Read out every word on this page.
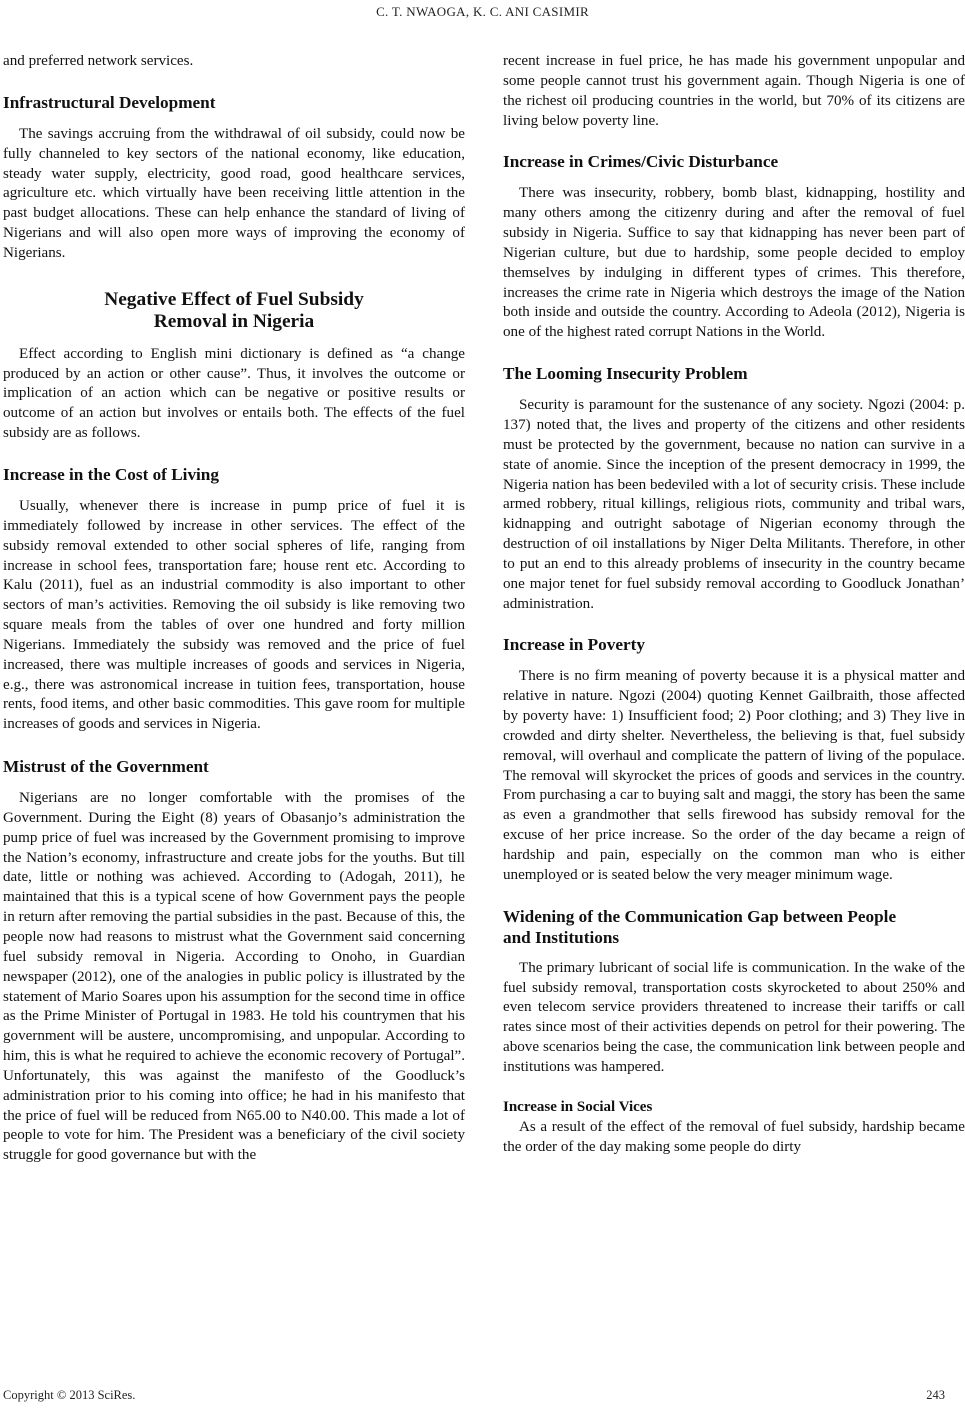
C. T. NWAOGA, K. C. ANI CASIMIR

and preferred network services.

Infrastructural Development

The savings accruing from the withdrawal of oil subsidy, could now be fully channeled to key sectors of the national economy, like education, steady water supply, electricity, good road, good healthcare services, agriculture etc. which virtually have been receiving little attention in the past budget allocations. These can help enhance the standard of living of Nigerians and will also open more ways of improving the economy of Nigerians.

Negative Effect of Fuel Subsidy
Removal in Nigeria

Effect according to English mini dictionary is defined as “a change produced by an action or other cause”. Thus, it involves the outcome or implication of an action which can be negative or positive results or outcome of an action but involves or entails both. The effects of the fuel subsidy are as follows.

Increase in the Cost of Living

Usually, whenever there is increase in pump price of fuel it is immediately followed by increase in other services. The effect of the subsidy removal extended to other social spheres of life, ranging from increase in school fees, transportation fare; house rent etc. According to Kalu (2011), fuel as an industrial commodity is also important to other sectors of man’s activities. Removing the oil subsidy is like removing two square meals from the tables of over one hundred and forty million Nigerians. Immediately the subsidy was removed and the price of fuel increased, there was multiple increases of goods and services in Nigeria, e.g., there was astronomical increase in tuition fees, transportation, house rents, food items, and other basic commodities. This gave room for multiple increases of goods and services in Nigeria.

Mistrust of the Government

Nigerians are no longer comfortable with the promises of the Government. During the Eight (8) years of Obasanjo’s administration the pump price of fuel was increased by the Government promising to improve the Nation’s economy, infrastructure and create jobs for the youths. But till date, little or nothing was achieved. According to (Adogah, 2011), he maintained that this is a typical scene of how Government pays the people in return after removing the partial subsidies in the past. Because of this, the people now had reasons to mistrust what the Government said concerning fuel subsidy removal in Nigeria. According to Onoho, in Guardian newspaper (2012), one of the analogies in public policy is illustrated by the statement of Mario Soares upon his assumption for the second time in office as the Prime Minister of Portugal in 1983. He told his countrymen that his government will be austere, uncompromising, and unpopular. According to him, this is what he required to achieve the economic recovery of Portugal”. Unfortunately, this was against the manifesto of the Goodluck’s administration prior to his coming into office; he had in his manifesto that the price of fuel will be reduced from N65.00 to N40.00. This made a lot of people to vote for him. The President was a beneficiary of the civil society struggle for good governance but with the

recent increase in fuel price, he has made his government unpopular and some people cannot trust his government again. Though Nigeria is one of the richest oil producing countries in the world, but 70% of its citizens are living below poverty line.

Increase in Crimes/Civic Disturbance

There was insecurity, robbery, bomb blast, kidnapping, hostility and many others among the citizenry during and after the removal of fuel subsidy in Nigeria. Suffice to say that kidnapping has never been part of Nigerian culture, but due to hardship, some people decided to employ themselves by indulging in different types of crimes. This therefore, increases the crime rate in Nigeria which destroys the image of the Nation both inside and outside the country. According to Adeola (2012), Nigeria is one of the highest rated corrupt Nations in the World.

The Looming Insecurity Problem

Security is paramount for the sustenance of any society. Ngozi (2004: p. 137) noted that, the lives and property of the citizens and other residents must be protected by the government, because no nation can survive in a state of anomie. Since the inception of the present democracy in 1999, the Nigeria nation has been bedeviled with a lot of security crisis. These include armed robbery, ritual killings, religious riots, community and tribal wars, kidnapping and outright sabotage of Nigerian economy through the destruction of oil installations by Niger Delta Militants. Therefore, in other to put an end to this already problems of insecurity in the country became one major tenet for fuel subsidy removal according to Goodluck Jonathan’ administration.

Increase in Poverty

There is no firm meaning of poverty because it is a physical matter and relative in nature. Ngozi (2004) quoting Kennet Gailbraith, those affected by poverty have: 1) Insufficient food; 2) Poor clothing; and 3) They live in crowded and dirty shelter. Nevertheless, the believing is that, fuel subsidy removal, will overhaul and complicate the pattern of living of the populace. The removal will skyrocket the prices of goods and services in the country. From purchasing a car to buying salt and maggi, the story has been the same as even a grandmother that sells firewood has subsidy removal for the excuse of her price increase. So the order of the day became a reign of hardship and pain, especially on the common man who is either unemployed or is seated below the very meager minimum wage.

Widening of the Communication Gap between People
and Institutions

The primary lubricant of social life is communication. In the wake of the fuel subsidy removal, transportation costs skyrocketed to about 250% and even telecom service providers threatened to increase their tariffs or call rates since most of their activities depends on petrol for their powering. The above scenarios being the case, the communication link between people and institutions was hampered.

Increase in Social Vices

As a result of the effect of the removal of fuel subsidy, hardship became the order of the day making some people do dirty

Copyright © 2013 SciRes.	243
